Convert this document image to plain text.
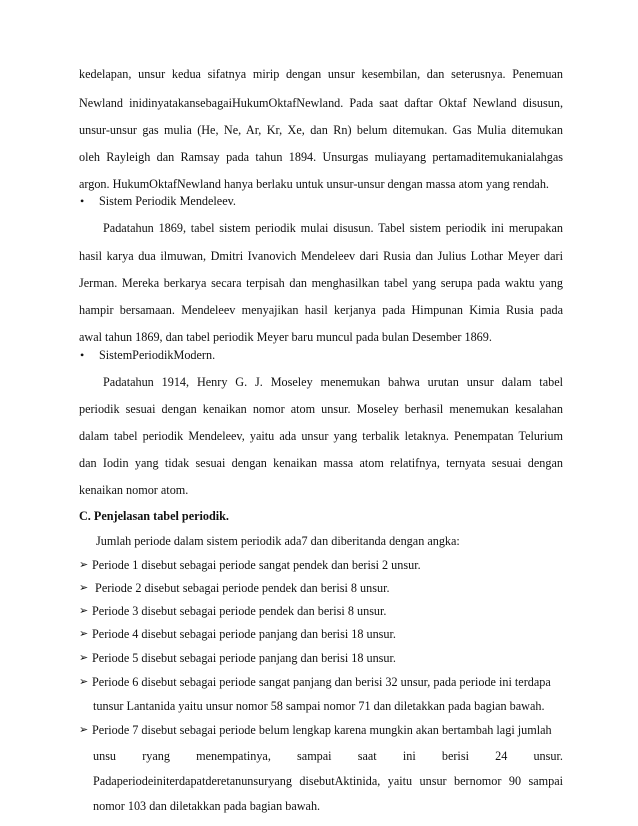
kedelapan, unsur kedua sifatnya mirip dengan unsur kesembilan, dan seterusnya. Penemuan
Newland inidinyatakansebagaiHukumOktafNewland. Pada saat daftar Oktaf Newland disusun,
unsur-unsur gas mulia (He, Ne, Ar, Kr, Xe, dan Rn) belum ditemukan. Gas Mulia ditemukan
oleh Rayleigh dan Ramsay pada tahun 1894. Unsurgas muliayang pertamaditemukanialahgas
argon. HukumOktafNewland hanya berlaku untuk unsur-unsur dengan massa atom yang rendah.
• Sistem Periodik Mendeleev.
Padatahun 1869, tabel sistem periodik mulai disusun. Tabel sistem periodik ini merupakan
hasil karya dua ilmuwan, Dmitri Ivanovich Mendeleev dari Rusia dan Julius Lothar Meyer dari
Jerman. Mereka berkarya secara terpisah dan menghasilkan tabel yang serupa pada waktu yang
hampir bersamaan. Mendeleev menyajikan hasil kerjanya pada Himpunan Kimia Rusia pada
awal tahun 1869, dan tabel periodik Meyer baru muncul pada bulan Desember 1869.
• SistemPeriodikModern.
Padatahun 1914, Henry G. J. Moseley menemukan bahwa urutan unsur dalam tabel
periodik sesuai dengan kenaikan nomor atom unsur. Moseley berhasil menemukan kesalahan
dalam tabel periodik Mendeleev, yaitu ada unsur yang terbalik letaknya. Penempatan Telurium
dan Iodin yang tidak sesuai dengan kenaikan massa atom relatifnya, ternyata sesuai dengan
kenaikan nomor atom.
C. Penjelasan tabel periodik.
Jumlah periode dalam sistem periodik ada7 dan diberitanda dengan angka:
➢ Periode 1 disebut sebagai periode sangat pendek dan berisi 2 unsur.
➢ Periode 2 disebut sebagai periode pendek dan berisi 8 unsur.
➢ Periode 3 disebut sebagai periode pendek dan berisi 8 unsur.
➢ Periode 4 disebut sebagai periode panjang dan berisi 18 unsur.
➢ Periode 5 disebut sebagai periode panjang dan berisi 18 unsur.
➢ Periode 6 disebut sebagai periode sangat panjang dan berisi 32 unsur, pada periode ini terdapa
tunsur Lantanida yaitu unsur nomor 58 sampai nomor 71 dan diletakkan pada bagian bawah.
➢ Periode 7 disebut sebagai periode belum lengkap karena mungkin akan bertambah lagi jumlah
unsu ryang menempatinya, sampai saat ini berisi 24 unsur.
Padaperiodeiniterdapatderetanunsuryang disebutAktinida, yaitu unsur bernomor 90 sampai
nomor 103 dan diletakkan pada bagian bawah.
